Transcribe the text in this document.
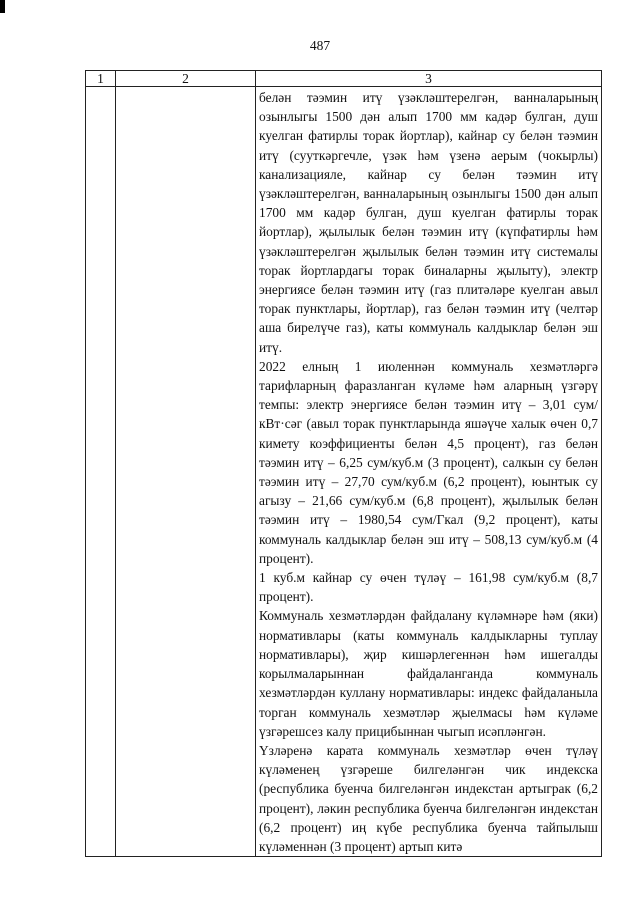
487
1	2	3

		белән тәэмин итү үзәкләштерелгән, ванналарының озынлыгы 1500 дән алып 1700 мм кадәр булган, душ куелган фатирлы торак йортлар), кайнар су белән тәэмин итү (сууткәргечле, үзәк һәм үзенә аерым (чокырлы) канализацияле, кайнар су белән тәэмин итү үзәкләштерелгән, ванналарының озынлыгы 1500 дән алып 1700 мм кадәр булган, душ куелган фатирлы торак йортлар), җылылык белән тәэмин итү (күпфатирлы һәм үзәкләштерелгән җылылык белән тәэмин итү системалы торак йортлардагы торак биналарны җылыту), электр энергиясе белән тәэмин итү (газ плитәләре куелган авыл торак пунктлары, йортлар), газ белән тәэмин итү (челтәр аша бирелүче газ), каты коммуналь калдыклар белән эш итү.

2022 елның 1 июленнән коммуналь хезмәтләргә тарифларның фаразланган күләме һәм аларның үзгәрү темпы: электр энергиясе белән тәэмин итү – 3,01 сум/кВт·сәг (авыл торак пунктларында яшәүче халык өчен 0,7 кимету коэффициенты белән 4,5 процент), газ белән тәэмин итү – 6,25 сум/куб.м (3 процент), салкын су белән тәэмин итү – 27,70 сум/куб.м (6,2 процент), юынтык су агызу – 21,66 сум/куб.м (6,8 процент), җылылык белән тәэмин итү – 1980,54 сум/Гкал (9,2 процент), каты коммуналь калдыклар белән эш итү – 508,13 сум/куб.м (4 процент).

1 куб.м кайнар су өчен түләү – 161,98 сум/куб.м (8,7 процент).

Коммуналь хезмәтләрдән файдалану күләмнәре һәм (яки) нормативлары (каты коммуналь калдыкларны туплау нормативлары), җир кишәрлегеннән һәм ишегалды корылмаларыннан файдаланганда коммуналь хезмәтләрдән куллану нормативлары: индекс файдаланыла торган коммуналь хезмәтләр җыелмасы һәм күләме үзгәрешсез калу прицибыннан чыгып исәпләнгән.

Үзләренә карата коммуналь хезмәтләр өчен түләү күләменең үзгәреше билгеләнгән чик индекска (республика буенча билгеләнгән индекстан артыграк (6,2 процент), ләкин республика буенча билгеләнгән индекстан (6,2 процент) иң күбе республика буенча тайпылыш күләменнән (3 процент) артып китә
